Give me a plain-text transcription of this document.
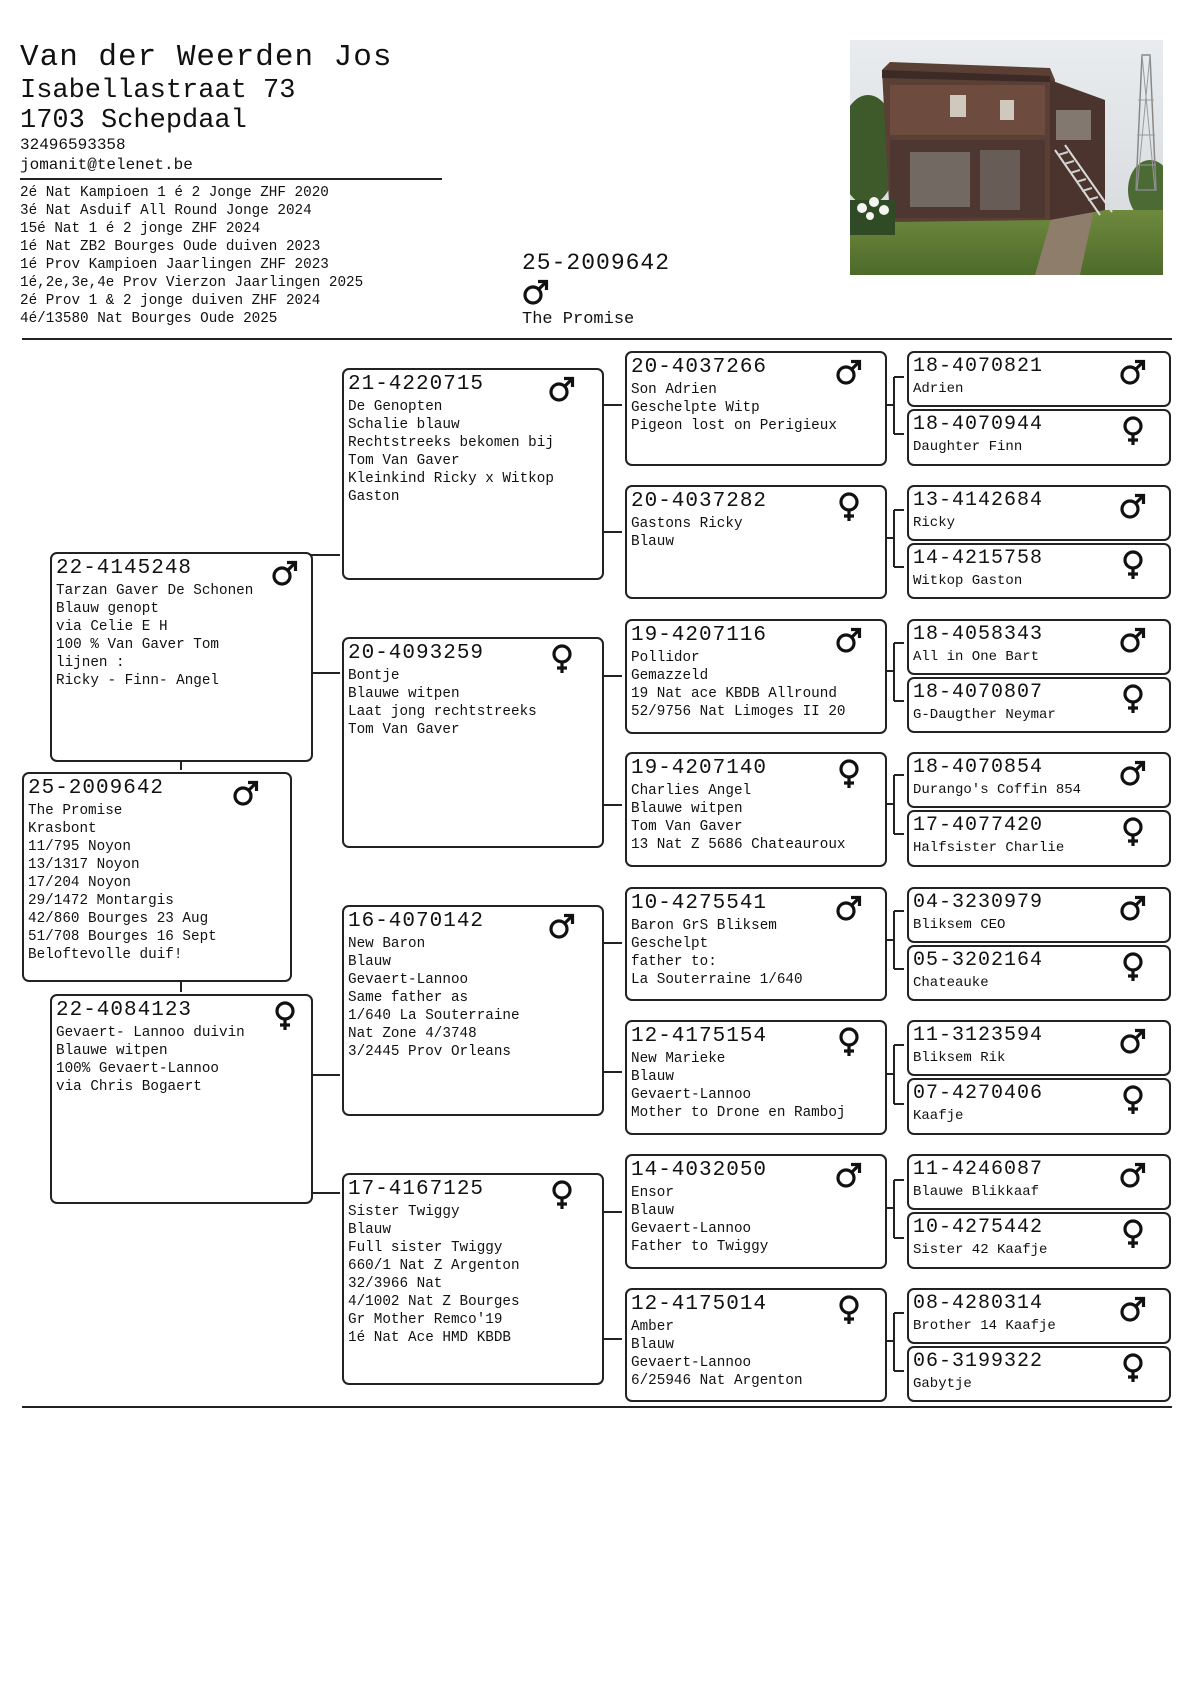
Van der Weerden Jos
Isabellastraat 73
1703 Schepdaal
32496593358
jomanit@telenet.be
2é Nat Kampioen 1 é 2 Jonge ZHF 2020
3é Nat Asduif All Round Jonge 2024
15é Nat 1 é 2 jonge ZHF 2024
1é Nat ZB2 Bourges Oude duiven 2023
1é Prov Kampioen Jaarlingen ZHF 2023
1é,2e,3e,4e Prov Vierzon Jaarlingen 2025
2é Prov 1 & 2 jonge duiven ZHF 2024
4é/13580 Nat Bourges Oude 2025
25-2009642
The Promise
22-4145248
Tarzan Gaver De Schonen
Blauw genopt
via Celie E H
100 % Van Gaver Tom
lijnen :
Ricky - Finn- Angel
25-2009642
The Promise
Krasbont
11/795 Noyon
13/1317 Noyon
17/204 Noyon
29/1472 Montargis
42/860 Bourges 23 Aug
51/708 Bourges 16 Sept
Beloftevolle duif!
22-4084123
Gevaert- Lannoo duivin
Blauwe witpen
100% Gevaert-Lannoo
via Chris Bogaert
21-4220715
De Genopten
Schalie blauw
Rechtstreeks bekomen bij
Tom Van Gaver
Kleinkind Ricky x Witkop
Gaston
20-4093259
Bontje
Blauwe witpen
Laat jong rechtstreeks
Tom Van Gaver
16-4070142
New Baron
Blauw
Gevaert-Lannoo
Same father as
1/640 La Souterraine
Nat Zone 4/3748
3/2445 Prov Orleans
17-4167125
Sister Twiggy
Blauw
Full sister Twiggy
660/1 Nat Z Argenton
32/3966 Nat
4/1002 Nat Z Bourges
Gr Mother Remco'19
1é Nat Ace HMD KBDB
20-4037266
Son Adrien
Geschelpte Witp
Pigeon lost on Perigieux
20-4037282
Gastons Ricky
Blauw
19-4207116
Pollidor
Gemazzeld
19 Nat ace KBDB Allround
52/9756 Nat Limoges II 20
19-4207140
Charlies Angel
Blauwe witpen
Tom Van Gaver
13 Nat Z 5686 Chateauroux
10-4275541
Baron GrS Bliksem
Geschelpt
father to:
La Souterraine 1/640
12-4175154
New Marieke
Blauw
Gevaert-Lannoo
Mother to Drone en Ramboj
14-4032050
Ensor
Blauw
Gevaert-Lannoo
Father to Twiggy
12-4175014
Amber
Blauw
Gevaert-Lannoo
6/25946 Nat Argenton
18-4070821
Adrien
18-4070944
Daughter Finn
13-4142684
Ricky
14-4215758
Witkop Gaston
18-4058343
All in One Bart
18-4070807
G-Daugther Neymar
18-4070854
Durango's Coffin 854
17-4077420
Halfsister Charlie
04-3230979
Bliksem CEO
05-3202164
Chateauke
11-3123594
Bliksem Rik
07-4270406
Kaafje
11-4246087
Blauwe Blikkaaf
10-4275442
Sister 42 Kaafje
08-4280314
Brother 14 Kaafje
06-3199322
Gabytje
